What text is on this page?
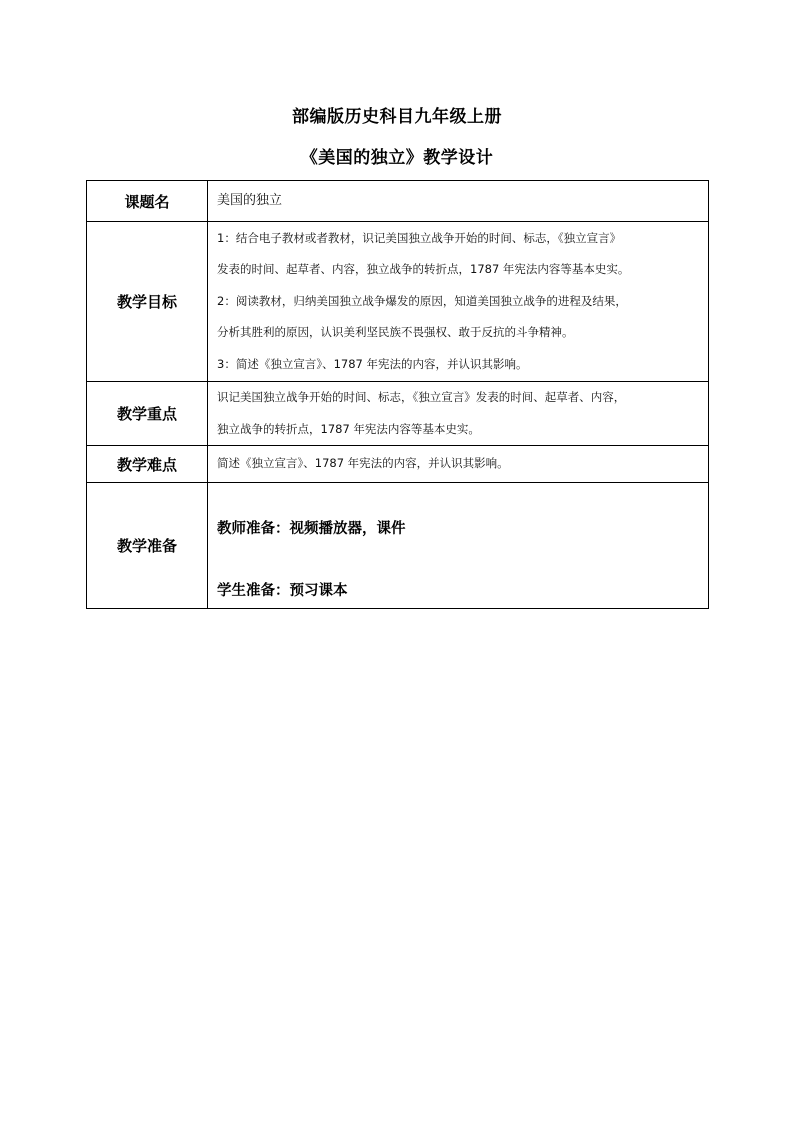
部编版历史科目九年级上册
《美国的独立》教学设计
课题名	美国的独立
教学目标	1：结合电子教材或者教材，识记美国独立战争开始的时间、标志，《独立宣言》
发表的时间、起草者、内容，独立战争的转折点，1787 年宪法内容等基本史实。
2：阅读教材，归纳美国独立战争爆发的原因，知道美国独立战争的进程及结果，
分析其胜利的原因，认识美利坚民族不畏强权、敢于反抗的斗争精神。
3：简述《独立宣言》、1787 年宪法的内容，并认识其影响。

教学重点	识记美国独立战争开始的时间、标志，《独立宣言》发表的时间、起草者、内容，
独立战争的转折点，1787 年宪法内容等基本史实。

教学难点	简述《独立宣言》、1787 年宪法的内容，并认识其影响。
教学准备	教师准备：视频播放器，课件
学生准备：预习课本
